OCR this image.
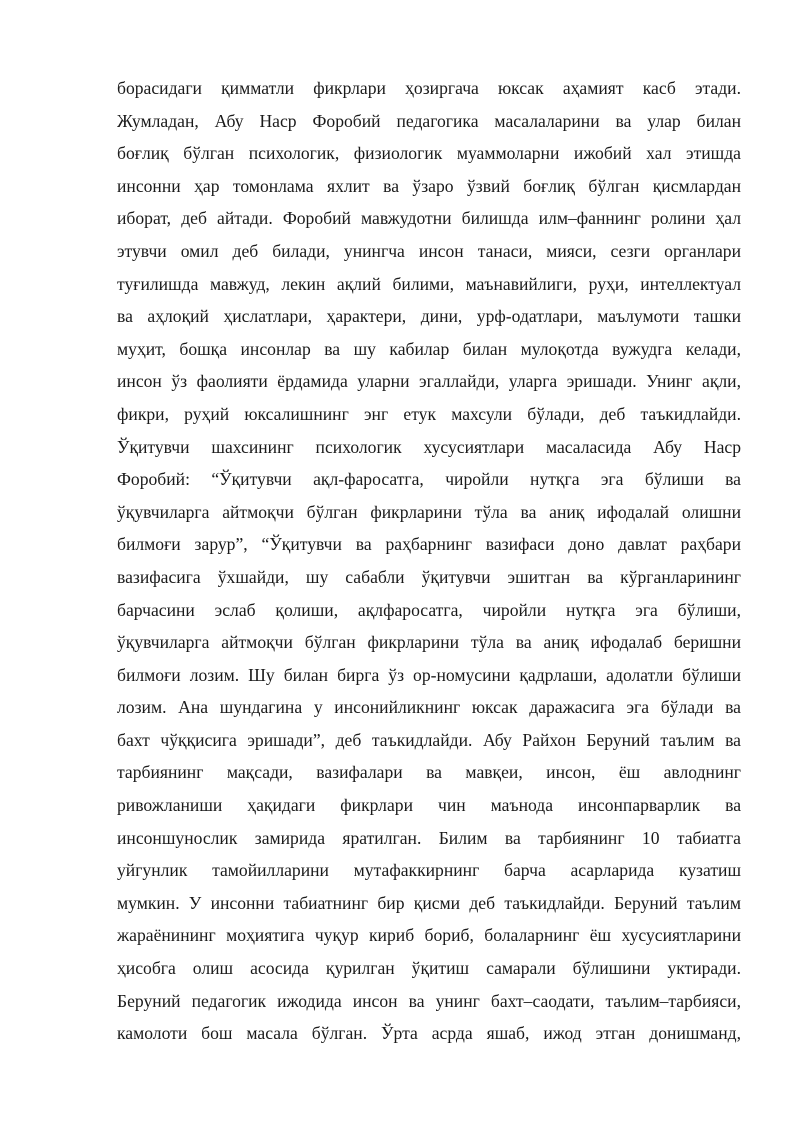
борасидаги қимматли фикрлари ҳозиргача юксак аҳамият касб этади.
Жумладан, Абу Наср Форобий педагогика масалаларини ва улар билан
боғлиқ бўлган психологик, физиологик муаммоларни ижобий хал этишда
инсонни ҳар томонлама яхлит ва ўзаро ўзвий боғлиқ бўлган қисмлардан
иборат, деб айтади. Форобий мавжудотни билишда илм–фаннинг ролини ҳал
этувчи омил деб билади, унингча инсон танаси, мияси, сезги органлари
туғилишда мавжуд, лекин ақлий билими, маънавийлиги, руҳи, интеллектуал
ва аҳлоқий ҳислатлари, ҳарактери, дини, урф-одатлари, маълумоти ташки
муҳит, бошқа инсонлар ва шу кабилар билан мулоқотда вужудга келади,
инсон ўз фаолияти ёрдамида уларни эгаллайди, уларга эришади. Унинг ақли,
фикри, руҳий юксалишнинг энг етук махсули бўлади, деб таъкидлайди.
Ўқитувчи шахсининг психологик хусусиятлари масаласида Абу Наср
Форобий: “Ўқитувчи ақл-фаросатга, чиройли нутқга эга бўлиши ва
ўқувчиларга айтмоқчи бўлган фикрларини тўла ва аниқ ифодалай олишни
билмоғи зарур”, “Ўқитувчи ва раҳбарнинг вазифаси доно давлат раҳбари
вазифасига ўхшайди, шу сабабли ўқитувчи эшитган ва кўрганларининг
барчасини эслаб қолиши, ақлфаросатга, чиройли нутқга эга бўлиши,
ўқувчиларга айтмоқчи бўлган фикрларини тўла ва аниқ ифодалаб беришни
билмоғи лозим. Шу билан бирга ўз ор-номусини қадрлаши, адолатли бўлиши
лозим. Ана шундагина у инсонийликнинг юксак даражасига эга бўлади ва
бахт чўққисига эришади”, деб таъкидлайди. Абу Райхон Беруний таълим ва
тарбиянинг мақсади, вазифалари ва мавқеи, инсон, ёш авлоднинг
ривожланиши ҳақидаги фикрлари чин маънода инсонпарварлик ва
инсоншунослик замирида яратилган. Билим ва тарбиянинг 10 табиатга
уйгунлик тамойилларини мутафаккирнинг барча асарларида кузатиш
мумкин. У инсонни табиатнинг бир қисми деб таъкидлайди. Беруний таълим
жараёнининг моҳиятига чуқур кириб бориб, болаларнинг ёш хусусиятларини
ҳисобга олиш асосида қурилган ўқитиш самарали бўлишини уктиради.
Беруний педагогик ижодида инсон ва унинг бахт–саодати, таълим–тарбияси,
камолоти бош масала бўлган. Ўрта асрда яшаб, ижод этган донишманд,
